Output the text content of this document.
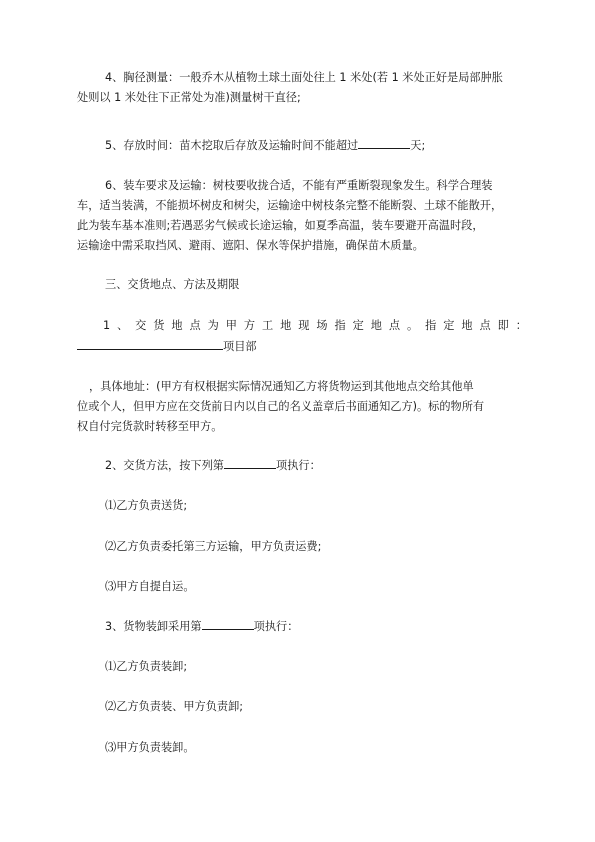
4、胸径测量：一般乔木从植物土球土面处往上 1 米处(若 1 米处正好是局部肿胀
处则以 1 米处往下正常处为准)测量树干直径;
5、存放时间：苗木挖取后存放及运输时间不能超过	天;
6、装车要求及运输：树枝要收拢合适，不能有严重断裂现象发生。科学合理装
车，适当装满，不能损坏树皮和树尖，运输途中树枝条完整不能断裂、土球不能散开，
此为装车基本准则;若遇恶劣气候或长途运输，如夏季高温，装车要避开高温时段，
运输途中需采取挡风、避雨、遮阳、保水等保护措施，确保苗木质量。
三、交货地点、方法及期限
1 、 交 货 地 点 为 甲 方 工 地 现 场 指 定 地 点 。 指 定 地 点 即 ：
项目部
，具体地址：(甲方有权根据实际情况通知乙方将货物运到其他地点交给其他单
位或个人，但甲方应在交货前日内以自己的名义盖章后书面通知乙方)。标的物所有
权自付完货款时转移至甲方。
2、交货方法，按下列第	项执行：
⑴乙方负责送货;
⑵乙方负责委托第三方运输，甲方负责运费;
⑶甲方自提自运。
3、货物装卸采用第	项执行：
⑴乙方负责装卸;
⑵乙方负责装、甲方负责卸;
⑶甲方负责装卸。
